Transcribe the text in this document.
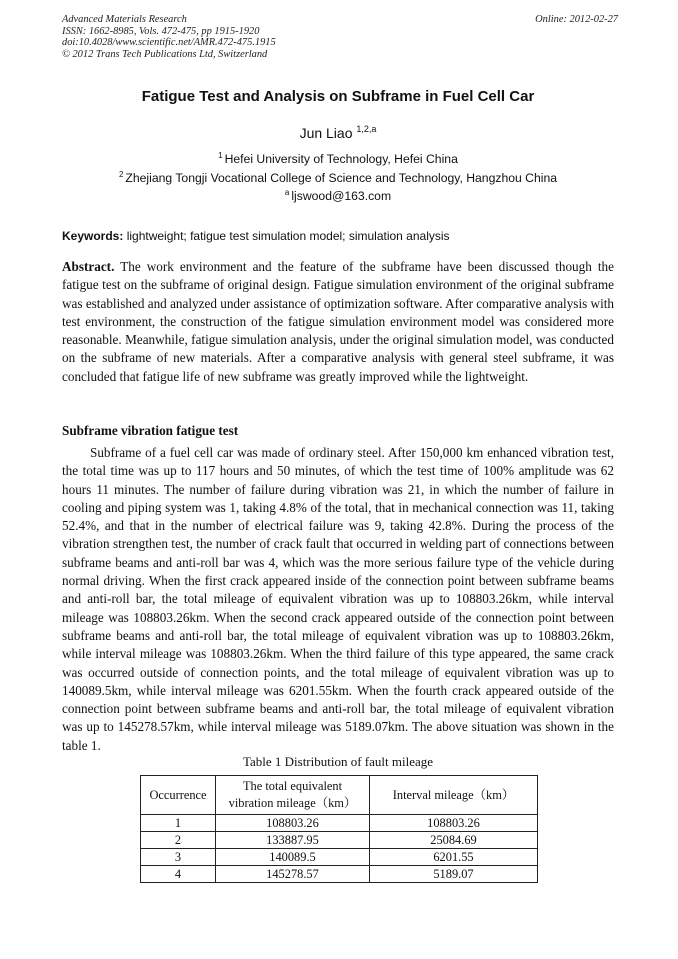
Advanced Materials Research
ISSN: 1662-8985, Vols. 472-475, pp 1915-1920
doi:10.4028/www.scientific.net/AMR.472-475.1915
© 2012 Trans Tech Publications Ltd, Switzerland
Online: 2012-02-27
Fatigue Test and Analysis on Subframe in Fuel Cell Car
Jun Liao $^{1,2,a}$
$^1$ Hefei University of Technology, Hefei China
$^2$ Zhejiang Tongji Vocational College of Science and Technology, Hangzhou China
$^a$ ljswood@163.com
Keywords: lightweight; fatigue test simulation model; simulation analysis

Abstract. The work environment and the feature of the subframe have been discussed though the fatigue test on the subframe of original design. Fatigue simulation environment of the original subframe was established and analyzed under assistance of optimization software. After comparative analysis with test environment, the construction of the fatigue simulation environment model was considered more reasonable. Meanwhile, fatigue simulation analysis, under the original simulation model, was conducted on the subframe of new materials. After a comparative analysis with general steel subframe, it was concluded that fatigue life of new subframe was greatly improved while the lightweight.

Subframe vibration fatigue test

Subframe of a fuel cell car was made of ordinary steel. After 150,000 km enhanced vibration test, the total time was up to 117 hours and 50 minutes, of which the test time of 100% amplitude was 62 hours 11 minutes. The number of failure during vibration was 21, in which the number of failure in cooling and piping system was 1, taking 4.8% of the total, that in mechanical connection was 11, taking 52.4%, and that in the number of electrical failure was 9, taking 42.8%. During the process of the vibration strengthen test, the number of crack fault that occurred in welding part of connections between subframe beams and anti-roll bar was 4, which was the more serious failure type of the vehicle during normal driving. When the first crack appeared inside of the connection point between subframe beams and anti-roll bar, the total mileage of equivalent vibration was up to 108803.26km, while interval mileage was 108803.26km. When the second crack appeared outside of the connection point between subframe beams and anti-roll bar, the total mileage of equivalent vibration was up to 108803.26km, while interval mileage was 108803.26km. When the third failure of this type appeared, the same crack was occurred outside of connection points, and the total mileage of equivalent vibration was up to 140089.5km, while interval mileage was 6201.55km. When the fourth crack appeared outside of the connection point between subframe beams and anti-roll bar, the total mileage of equivalent vibration was up to 145278.57km, while interval mileage was 5189.07km. The above situation was shown in the table 1.

Table 1 Distribution of fault mileage
Occurrence	The total equivalent vibration mileage（km）	Interval mileage（km）
1	108803.26	108803.26
2	133887.95	25084.69
3	140089.5	6201.55
4	145278.57	5189.07
